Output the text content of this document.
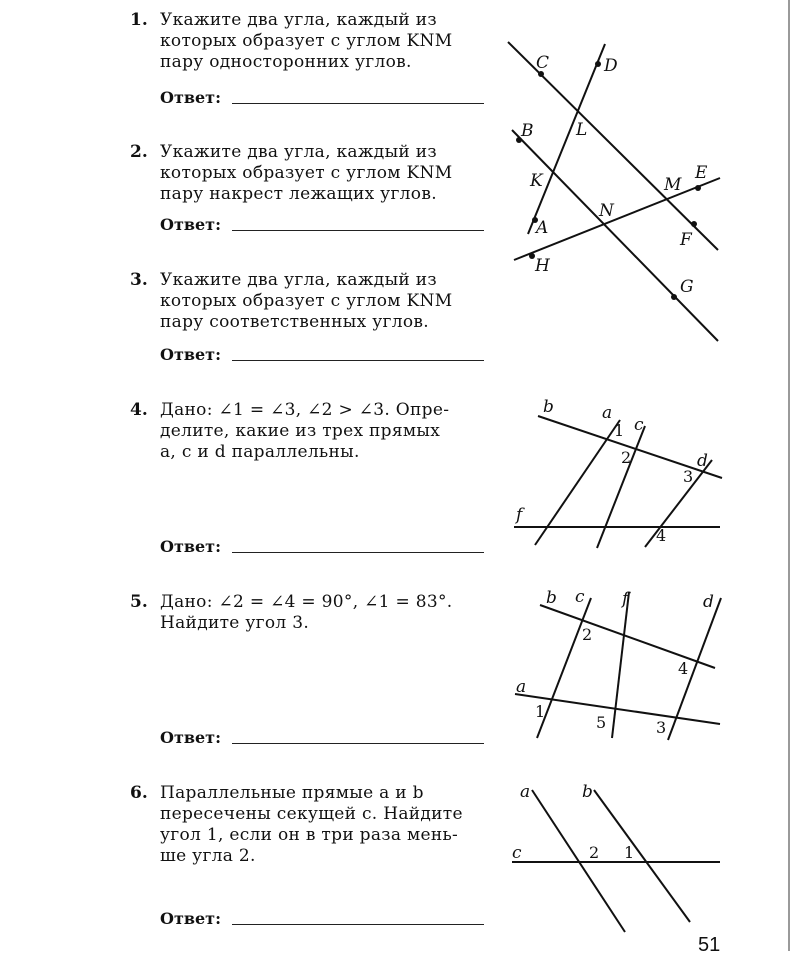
1. Укажите два угла, каждый из
которых образует с углом KNM
пару односторонних углов.
Ответ:
2. Укажите два угла, каждый из
которых образует с углом KNM
пару накрест лежащих углов.
Ответ:
3. Укажите два угла, каждый из
которых образует с углом KNM
пару соответственных углов.
Ответ:
4. Дано: ∠1 = ∠3, ∠2 > ∠3. Опре-
делите, какие из трех прямых
a, c и d параллельны.
Ответ:
5. Дано: ∠2 = ∠4 = 90°, ∠1 = 83°.
Найдите угол 3.
Ответ:
6. Параллельные прямые a и b
пересечены секущей c. Найдите
угол 1, если он в три раза мень-
ше угла 2.
Ответ:
C	D
L
B
K	M
E
N
A
F
H
G
b	a
c
d
f
1
2
3
4
b c f	d
a
2
4
1
5	3
a	b
c	2 1
51
